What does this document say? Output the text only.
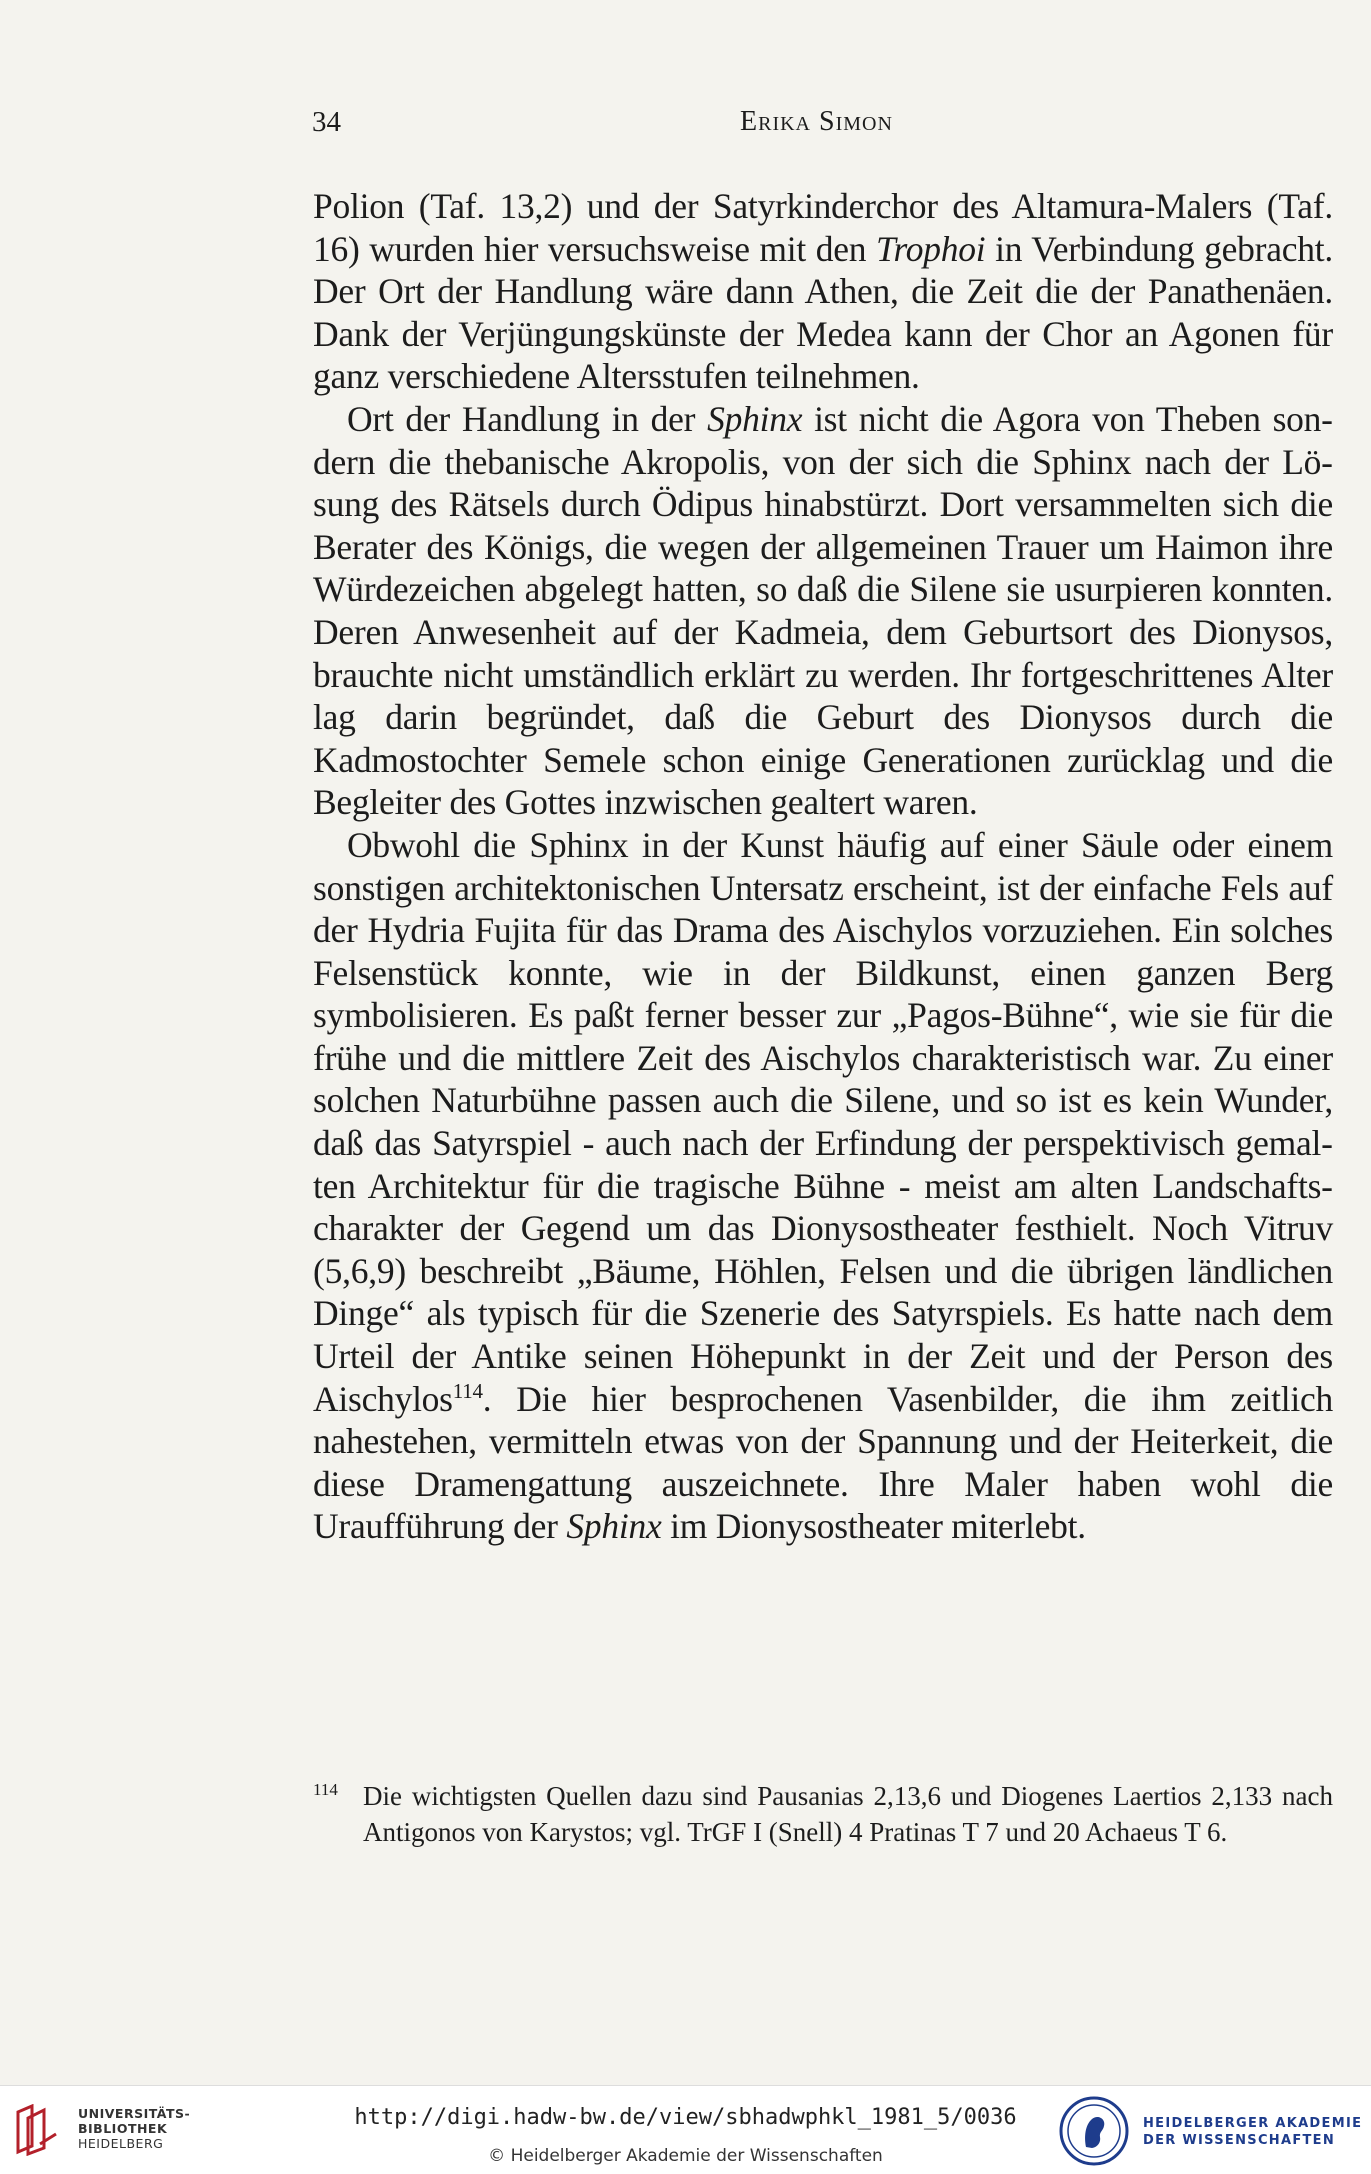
34	Erika Simon

Polion (Taf. 13,2) und der Satyrkinderchor des Altamura-Malers (Taf. 16) wurden hier versuchsweise mit den Trophoi in Verbindung gebracht. Der Ort der Handlung wäre dann Athen, die Zeit die der Panathenäen. Dank der Verjüngungskünste der Medea kann der Chor an Agonen für ganz verschiedene Altersstufen teilnehmen.

Ort der Handlung in der Sphinx ist nicht die Agora von Theben sondern die thebanische Akropolis, von der sich die Sphinx nach der Lösung des Rätsels durch Ödipus hinabstürzt. Dort versammelten sich die Berater des Königs, die wegen der allgemeinen Trauer um Haimon ihre Würdezeichen abgelegt hatten, so daß die Silene sie usurpieren konnten. Deren Anwesenheit auf der Kadmeia, dem Geburtsort des Dionysos, brauchte nicht umständlich erklärt zu werden. Ihr fortgeschrittenes Alter lag darin begründet, daß die Geburt des Dionysos durch die Kadmostochter Semele schon einige Generationen zurücklag und die Begleiter des Gottes inzwischen gealtert waren.

Obwohl die Sphinx in der Kunst häufig auf einer Säule oder einem sonstigen architektonischen Untersatz erscheint, ist der einfache Fels auf der Hydria Fujita für das Drama des Aischylos vorzuziehen. Ein solches Felsenstück konnte, wie in der Bildkunst, einen ganzen Berg symbolisieren. Es paßt ferner besser zur „Pagos-Bühne“, wie sie für die frühe und die mittlere Zeit des Aischylos charakteristisch war. Zu einer solchen Naturbühne passen auch die Silene, und so ist es kein Wunder, daß das Satyrspiel - auch nach der Erfindung der perspektivisch gemalten Architektur für die tragische Bühne - meist am alten Landschaftscharakter der Gegend um das Dionysostheater festhielt. Noch Vitruv (5,6,9) beschreibt „Bäume, Höhlen, Felsen und die übrigen ländlichen Dinge“ als typisch für die Szenerie des Satyrspiels. Es hatte nach dem Urteil der Antike seinen Höhepunkt in der Zeit und der Person des Aischylos$^{114}$. Die hier besprochenen Vasenbilder, die ihm zeitlich nahestehen, vermitteln etwas von der Spannung und der Heiterkeit, die diese Dramengattung auszeichnete. Ihre Maler haben wohl die Uraufführung der Sphinx im Dionysostheater miterlebt.

114 Die wichtigsten Quellen dazu sind Pausanias 2,13,6 und Diogenes Laertios 2,133 nach Antigonos von Karystos; vgl. TrGF I (Snell) 4 Pratinas T 7 und 20 Achaeus T 6.
UNIVERSITÄTS-
BIBLIOTHEK
HEIDELBERG
http://digi.hadw-bw.de/view/sbhadwphkl_1981_5/0036
© Heidelberger Akademie der Wissenschaften
HEIDELBERGER AKADEMIE
DER WISSENSCHAFTEN
